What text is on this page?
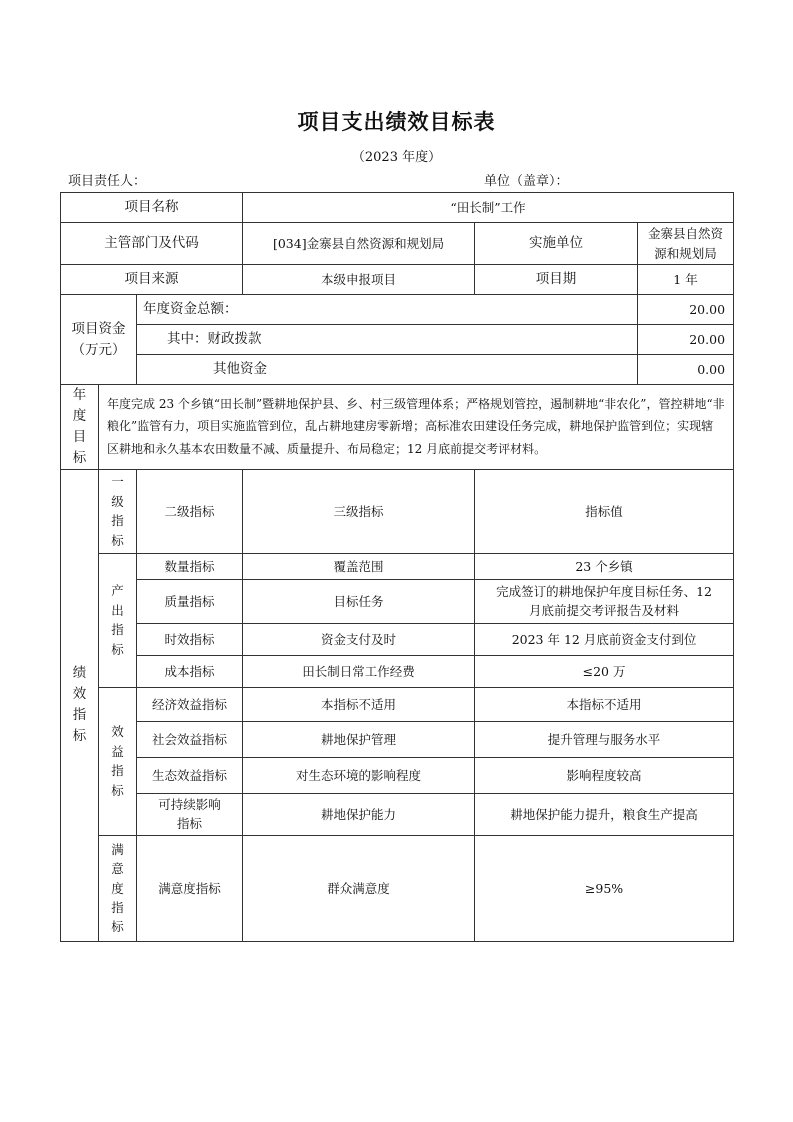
项目支出绩效目标表
（2023 年度）
项目责任人：	单位（盖章）：
项目名称			“田长制”工作		
主管部门及代码			[034]金寨县自然资源和规划局	实施单位	金寨县自然资源和规划局
项目来源			本级申报项目	项目期	1 年

项目资金
（万元）		年度资金总额：			20.00
		其中：财政拨款			20.00
		其他资金			0.00

年度目标	年度完成 23 个乡镇“田长制”暨耕地保护县、乡、村三级管理体系；严格规划管控，遏制耕地“非农化”，管控耕地“非粮化”监管有力，项目实施监管到位，乱占耕地建房零新增；高标准农田建设任务完成，耕地保护监管到位；实现辖区耕地和永久基本农田数量不减、质量提升、布局稳定；12 月底前提交考评材料。				

绩效指标	一级指标	二级指标	三级指标	指标值	

	产出指标	数量指标	覆盖范围	23 个乡镇	
		质量指标	目标任务	完成签订的耕地保护年度目标任务、12 月底前提交考评报告及材料	
		时效指标	资金支付及时	2023 年 12 月底前资金支付到位	
		成本指标	田长制日常工作经费	≤20 万	

	效益指标	经济效益指标	本指标不适用	本指标不适用	
		社会效益指标	耕地保护管理	提升管理与服务水平	
		生态效益指标	对生态环境的影响程度	影响程度较高	
		可持续影响指标	耕地保护能力	耕地保护能力提升，粮食生产提高	

	满意度指标	满意度指标	群众满意度	≥95%	
